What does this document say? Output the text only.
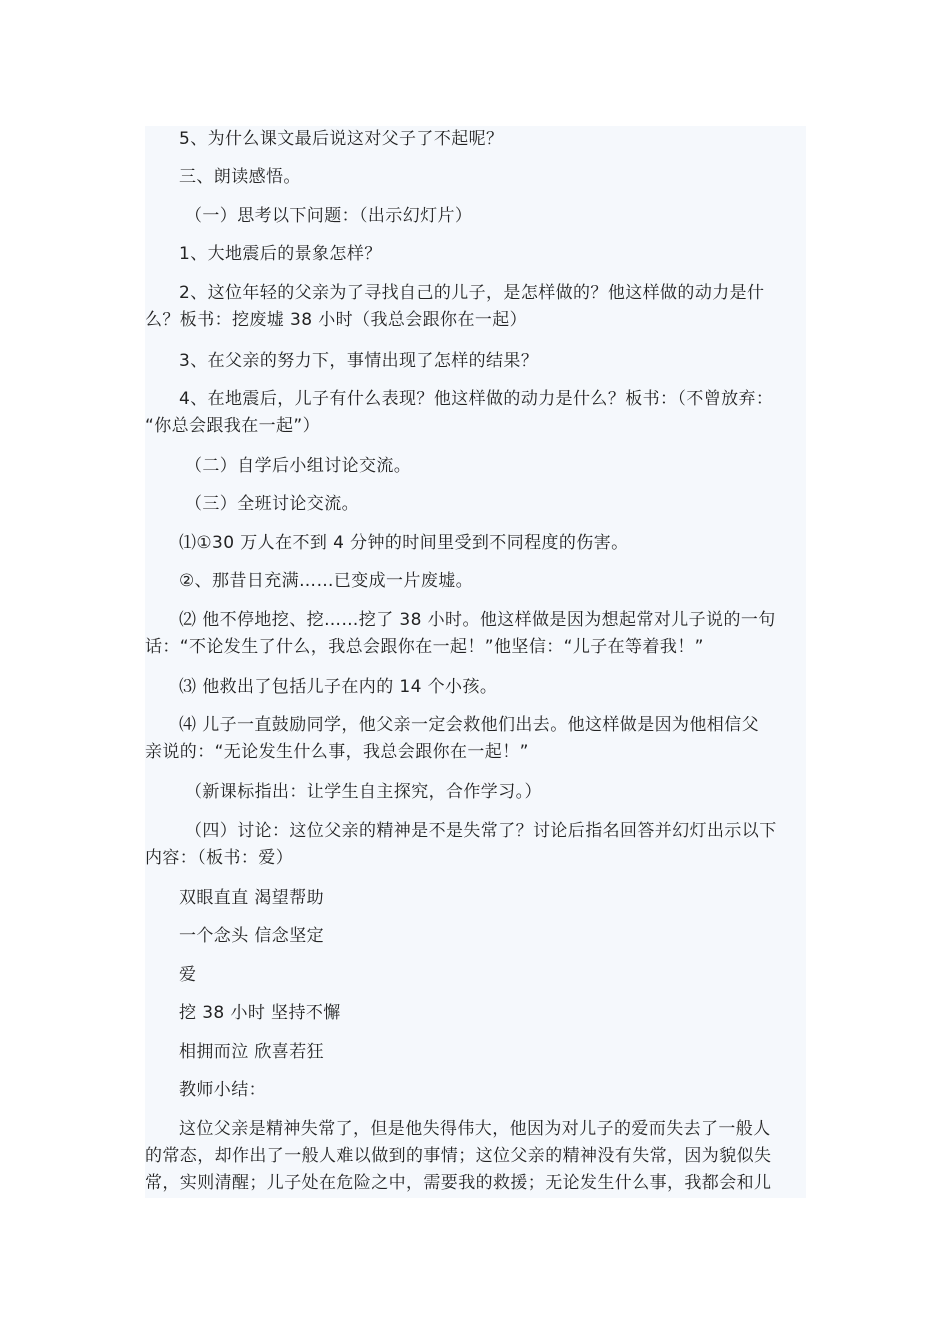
5、为什么课文最后说这对父子了不起呢？

三、朗读感悟。

（一）思考以下问题：（出示幻灯片）

1、大地震后的景象怎样？

2、这位年轻的父亲为了寻找自己的儿子，是怎样做的？他这样做的动力是什
么？板书：挖废墟 38 小时（我总会跟你在一起）

3、在父亲的努力下，事情出现了怎样的结果？

4、在地震后，儿子有什么表现？他这样做的动力是什么？板书：（不曾放弃：
“你总会跟我在一起”）

（二）自学后小组讨论交流。

（三）全班讨论交流。

⑴①30 万人在不到 4 分钟的时间里受到不同程度的伤害。

②、那昔日充满……已变成一片废墟。

⑵ 他不停地挖、挖……挖了 38 小时。他这样做是因为想起常对儿子说的一句
话：“不论发生了什么，我总会跟你在一起！”他坚信：“儿子在等着我！”

⑶ 他救出了包括儿子在内的 14 个小孩。

⑷ 儿子一直鼓励同学，他父亲一定会救他们出去。他这样做是因为他相信父
亲说的：“无论发生什么事，我总会跟你在一起！”

（新课标指出：让学生自主探究，合作学习。）

（四）讨论：这位父亲的精神是不是失常了？讨论后指名回答并幻灯出示以下
内容：（板书：爱）

双眼直直 渴望帮助

一个念头 信念坚定

爱

挖 38 小时 坚持不懈

相拥而泣 欣喜若狂

教师小结：

这位父亲是精神失常了，但是他失得伟大，他因为对儿子的爱而失去了一般人
的常态，却作出了一般人难以做到的事情；这位父亲的精神没有失常，因为貌似失
常，实则清醒；儿子处在危险之中，需要我的救援；无论发生什么事，我都会和儿
